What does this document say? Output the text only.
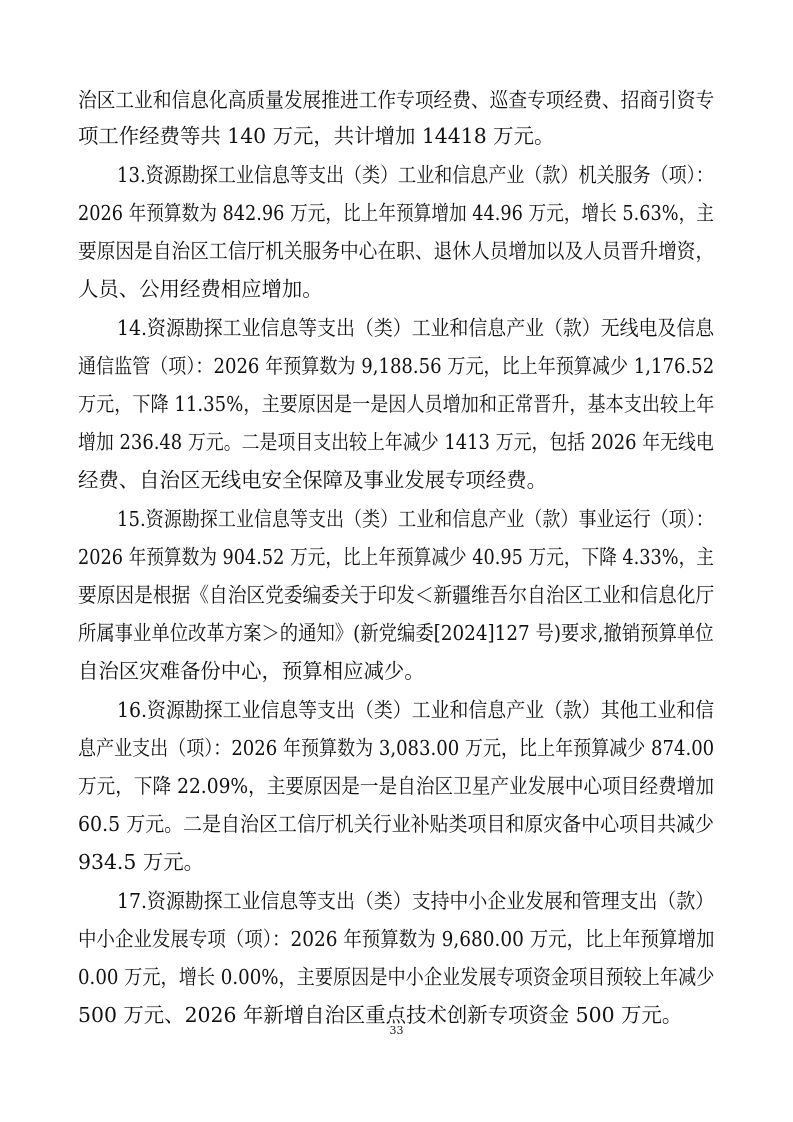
治区工业和信息化高质量发展推进工作专项经费、巡查专项经费、招商引资专
项工作经费等共 140 万元，共计增加 14418 万元。
13.资源勘探工业信息等支出（类）工业和信息产业（款）机关服务（项）：
2026 年预算数为 842.96 万元，比上年预算增加 44.96 万元，增长 5.63%，主
要原因是自治区工信厅机关服务中心在职、退休人员增加以及人员晋升增资，
人员、公用经费相应增加。
14.资源勘探工业信息等支出（类）工业和信息产业（款）无线电及信息
通信监管（项）：2026 年预算数为 9,188.56 万元，比上年预算减少 1,176.52
万元，下降 11.35%，主要原因是一是因人员增加和正常晋升，基本支出较上年
增加 236.48 万元。二是项目支出较上年减少 1413 万元，包括 2026 年无线电
经费、自治区无线电安全保障及事业发展专项经费。
15.资源勘探工业信息等支出（类）工业和信息产业（款）事业运行（项）：
2026 年预算数为 904.52 万元，比上年预算减少 40.95 万元，下降 4.33%，主
要原因是根据《自治区党委编委关于印发＜新疆维吾尔自治区工业和信息化厅
所属事业单位改革方案＞的通知》(新党编委[2024]127 号)要求,撤销预算单位
自治区灾难备份中心，预算相应减少。
16.资源勘探工业信息等支出（类）工业和信息产业（款）其他工业和信
息产业支出（项）：2026 年预算数为 3,083.00 万元，比上年预算减少 874.00
万元，下降 22.09%，主要原因是一是自治区卫星产业发展中心项目经费增加
60.5 万元。二是自治区工信厅机关行业补贴类项目和原灾备中心项目共减少
934.5 万元。
17.资源勘探工业信息等支出（类）支持中小企业发展和管理支出（款）
中小企业发展专项（项）：2026 年预算数为 9,680.00 万元，比上年预算增加
0.00 万元，增长 0.00%，主要原因是中小企业发展专项资金项目预较上年减少
500 万元、2026 年新增自治区重点技术创新专项资金 500 万元。
33
